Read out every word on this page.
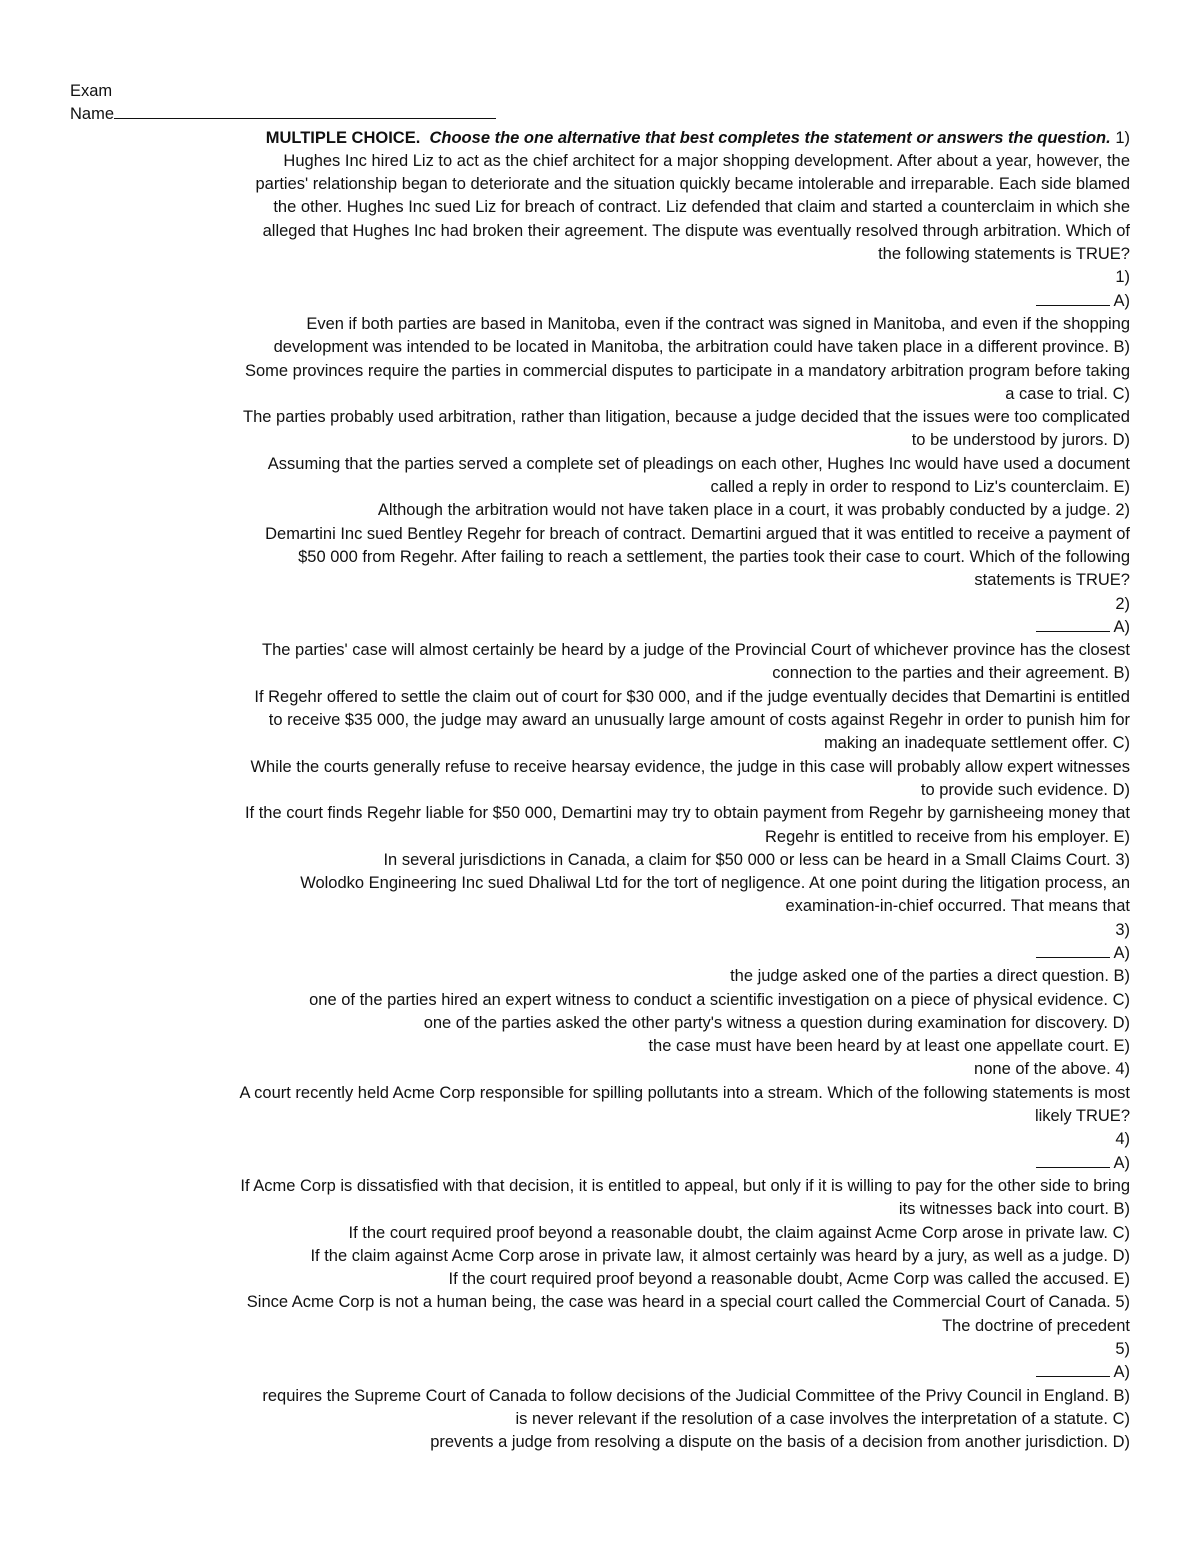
Exam
Name

MULTIPLE CHOICE. Choose the one alternative that best completes the statement or answers the question. 1)

Hughes Inc hired Liz to act as the chief architect for a major shopping development. After about a year, however, the
parties' relationship began to deteriorate and the situation quickly became intolerable and irreparable. Each side blamed
the other. Hughes Inc sued Liz for breach of contract. Liz defended that claim and started a counterclaim in which she
alleged that Hughes Inc had broken their agreement. The dispute was eventually resolved through arbitration. Which of
the following statements is TRUE?
1)
A)
Even if both parties are based in Manitoba, even if the contract was signed in Manitoba, and even if the shopping
development was intended to be located in Manitoba, the arbitration could have taken place in a different province. B)
Some provinces require the parties in commercial disputes to participate in a mandatory arbitration program before taking
a case to trial. C)
The parties probably used arbitration, rather than litigation, because a judge decided that the issues were too complicated
to be understood by jurors. D)
Assuming that the parties served a complete set of pleadings on each other, Hughes Inc would have used a document
called a reply in order to respond to Liz's counterclaim. E)
Although the arbitration would not have taken place in a court, it was probably conducted by a judge. 2)
Demartini Inc sued Bentley Regehr for breach of contract. Demartini argued that it was entitled to receive a payment of
$50 000 from Regehr. After failing to reach a settlement, the parties took their case to court. Which of the following
statements is TRUE?
2)
A)
The parties' case will almost certainly be heard by a judge of the Provincial Court of whichever province has the closest
connection to the parties and their agreement. B)
If Regehr offered to settle the claim out of court for $30 000, and if the judge eventually decides that Demartini is entitled
to receive $35 000, the judge may award an unusually large amount of costs against Regehr in order to punish him for
making an inadequate settlement offer. C)
While the courts generally refuse to receive hearsay evidence, the judge in this case will probably allow expert witnesses
to provide such evidence. D)
If the court finds Regehr liable for $50 000, Demartini may try to obtain payment from Regehr by garnisheeing money that
Regehr is entitled to receive from his employer. E)
In several jurisdictions in Canada, a claim for $50 000 or less can be heard in a Small Claims Court. 3)
Wolodko Engineering Inc sued Dhaliwal Ltd for the tort of negligence. At one point during the litigation process, an
examination-in-chief occurred. That means that
3)
A)
the judge asked one of the parties a direct question. B)
one of the parties hired an expert witness to conduct a scientific investigation on a piece of physical evidence. C)
one of the parties asked the other party's witness a question during examination for discovery. D)
the case must have been heard by at least one appellate court. E)
none of the above. 4)
A court recently held Acme Corp responsible for spilling pollutants into a stream. Which of the following statements is most
likely TRUE?
4)
A)
If Acme Corp is dissatisfied with that decision, it is entitled to appeal, but only if it is willing to pay for the other side to bring
its witnesses back into court. B)
If the court required proof beyond a reasonable doubt, the claim against Acme Corp arose in private law. C)
If the claim against Acme Corp arose in private law, it almost certainly was heard by a jury, as well as a judge. D)
If the court required proof beyond a reasonable doubt, Acme Corp was called the accused. E)
Since Acme Corp is not a human being, the case was heard in a special court called the Commercial Court of Canada. 5)
The doctrine of precedent
5)
A)
requires the Supreme Court of Canada to follow decisions of the Judicial Committee of the Privy Council in England. B)
is never relevant if the resolution of a case involves the interpretation of a statute. C)
prevents a judge from resolving a dispute on the basis of a decision from another jurisdiction. D)
